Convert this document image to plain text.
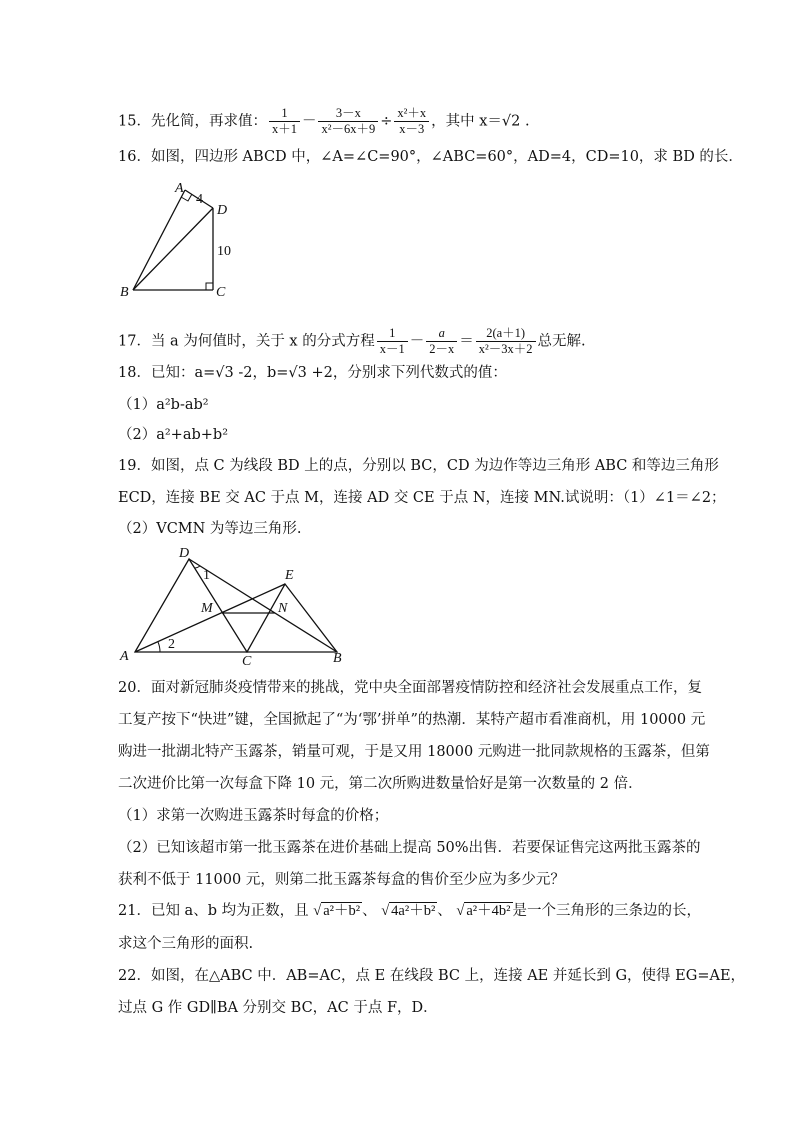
15．先化简，再求值： $\frac{1}{x+1} - \frac{3-x}{\text{x²－6x＋9}} \div \frac{\text{x²＋x}}{x-3}$ ，其中 x＝√2 .
16．如图，四边形 ABCD 中，∠A=∠C=90°，∠ABC=60°，AD=4，CD=10，求 BD 的长．
A
4
D
10
B	C
17．当 a 为何值时，关于 x 的分式方程 $\frac{1}{x-1} - \frac{a}{2-x} = \frac{2(a+1)}{\text{x²－3x＋2}}$ 总无解.
18．已知：a=√3 -2，b=√3 +2，分别求下列代数式的值：
（1）a²b-ab²
（2）a²+ab+b²
19．如图，点 C 为线段 BD 上的点，分别以 BC，CD 为边作等边三角形 ABC 和等边三角形
ECD，连接 BE 交 AC 于点 M，连接 AD 交 CE 于点 N，连接 MN.试说明：（1）∠1＝∠2；
（2）VCMN 为等边三角形.
D
1	E
M	N
2
A	C	B
20．面对新冠肺炎疫情带来的挑战，党中央全面部署疫情防控和经济社会发展重点工作，复
工复产按下“快进”键，全国掀起了“为‘鄂’拼单”的热潮．某特产超市看准商机，用 10000 元
购进一批湖北特产玉露茶，销量可观，于是又用 18000 元购进一批同款规格的玉露茶，但第
二次进价比第一次每盒下降 10 元，第二次所购进数量恰好是第一次数量的 2 倍．
（1）求第一次购进玉露茶时每盒的价格；
（2）已知该超市第一批玉露茶在进价基础上提高 50%出售．若要保证售完这两批玉露茶的
获利不低于 11000 元，则第二批玉露茶每盒的售价至少应为多少元？
21．已知 a、b 均为正数，且 √ a²＋b² 、 √ 4a²＋b² 、 √ a²＋4b² 是一个三角形的三条边的长，
求这个三角形的面积.
22．如图，在△ABC 中．AB=AC，点 E 在线段 BC 上，连接 AE 并延长到 G，使得 EG=AE，
过点 G 作 GD∥BA 分别交 BC，AC 于点 F，D．
